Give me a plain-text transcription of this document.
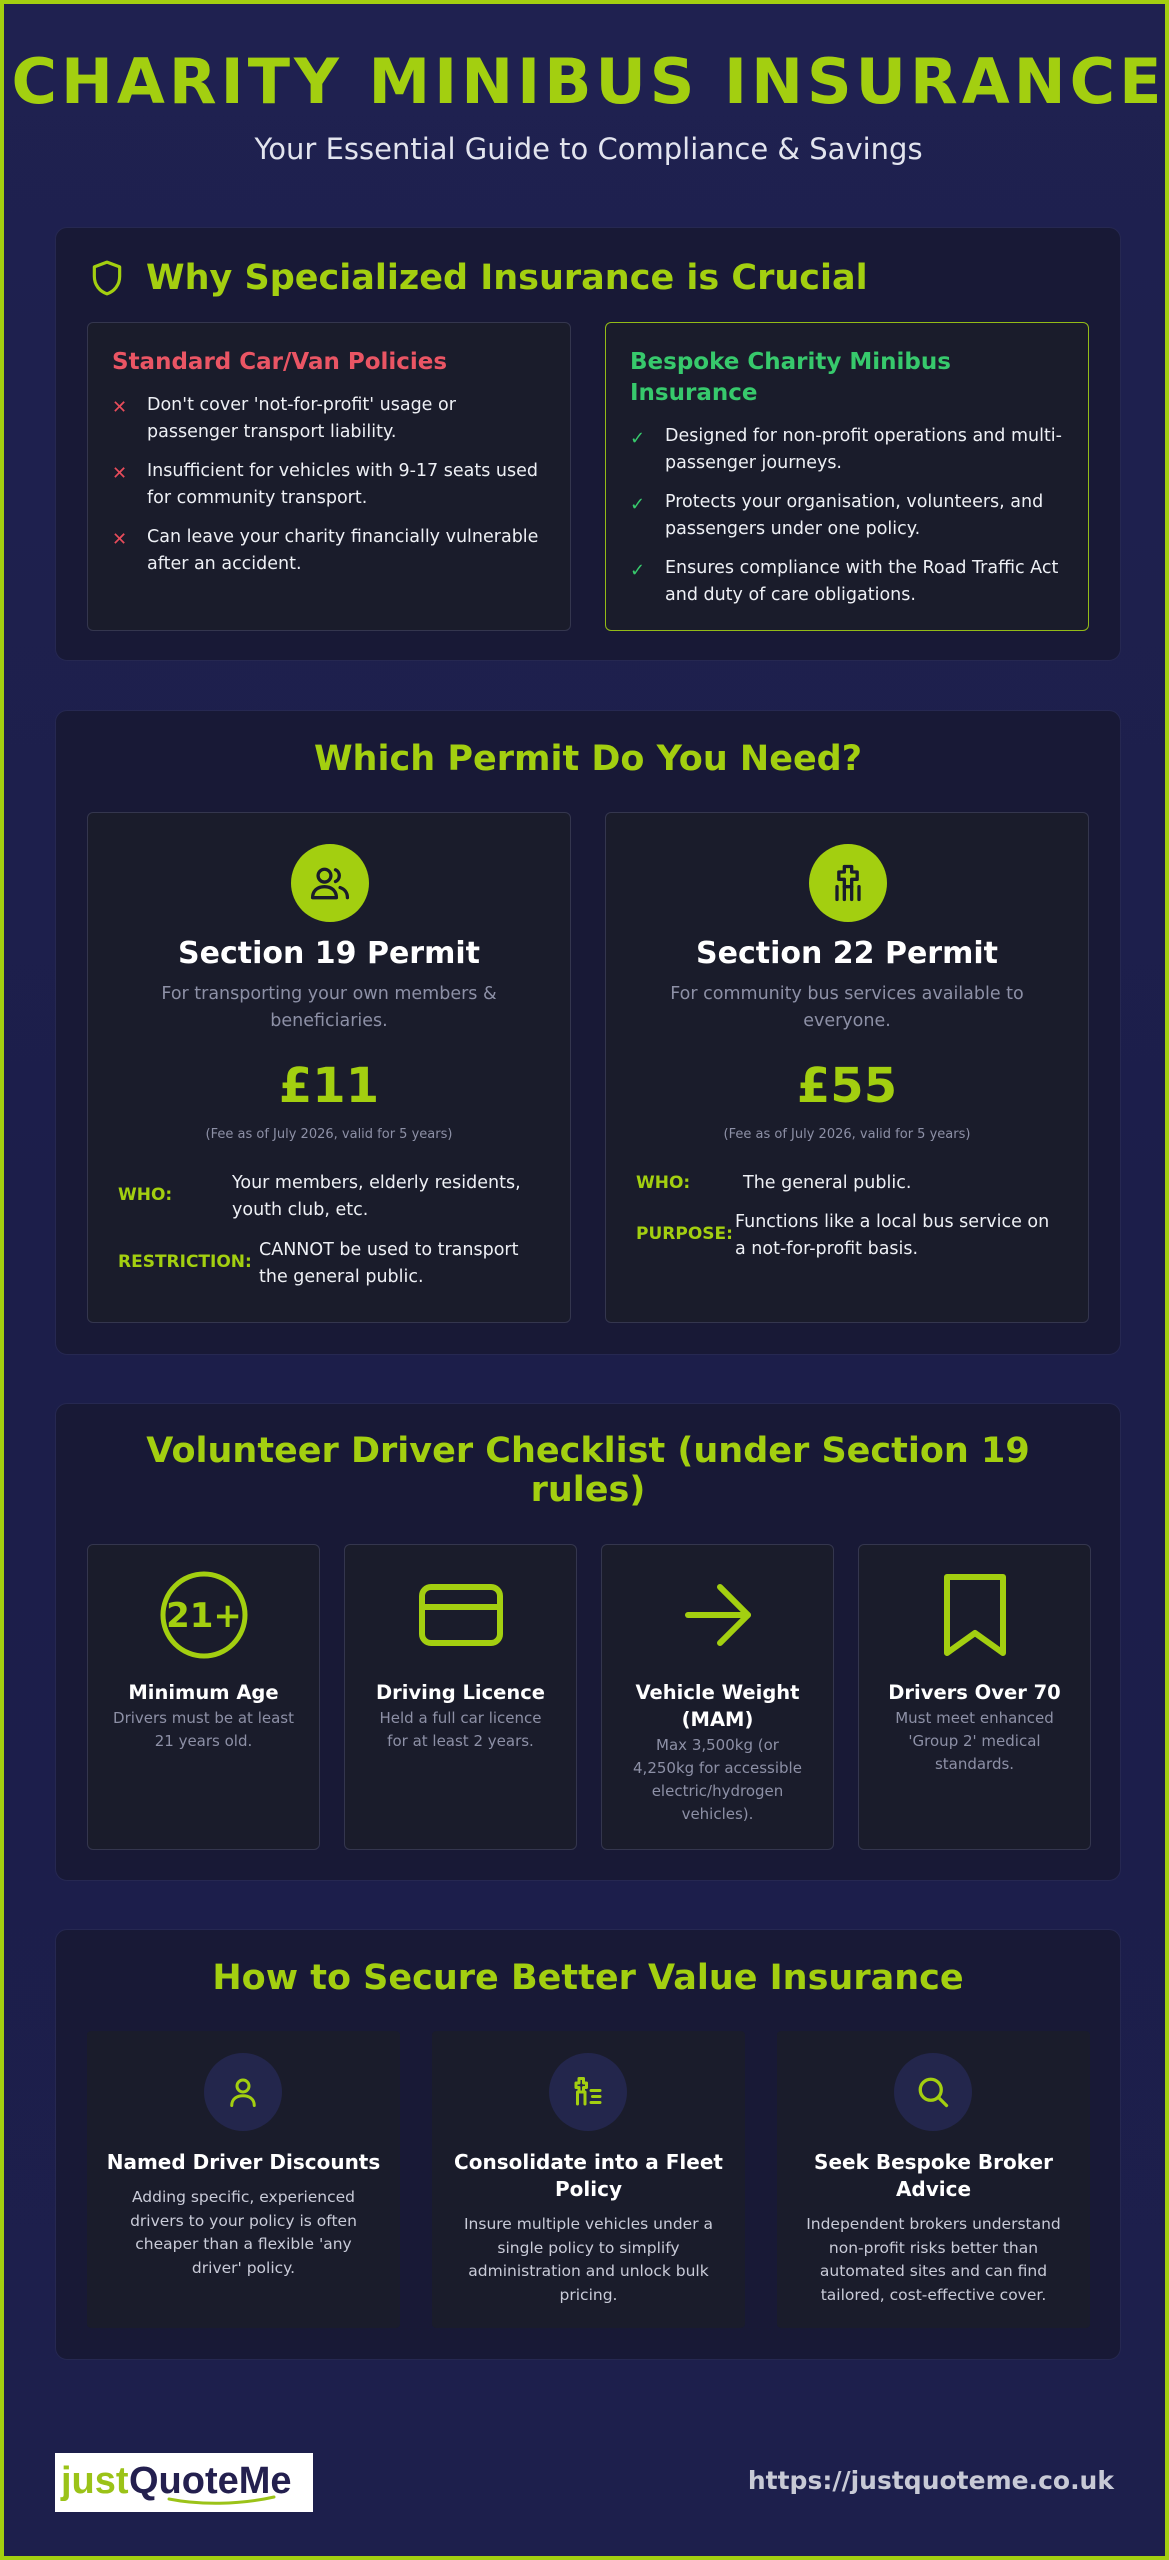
CHARITY MINIBUS INSURANCE
Your Essential Guide to Compliance & Savings
Why Specialized Insurance is Crucial
Standard Car/Van Policies
✕	Don't cover 'not-for-profit' usage or passenger transport liability.
✕	Insufficient for vehicles with 9-17 seats used for community transport.
✕	Can leave your charity financially vulnerable after an accident.
Bespoke Charity Minibus Insurance
✓	Designed for non-profit operations and multi-passenger journeys.
✓	Protects your organisation, volunteers, and passengers under one policy.
✓	Ensures compliance with the Road Traffic Act and duty of care obligations.
Which Permit Do You Need?
Section 19 Permit
For transporting your own members & beneficiaries.
£11
(Fee as of July 2026, valid for 5 years)
WHO:
Your members, elderly residents, youth club, etc.
RESTRICTION:
CANNOT be used to transport the general public.
Section 22 Permit
For community bus services available to everyone.
£55
(Fee as of July 2026, valid for 5 years)
WHO:	The general public.
PURPOSE:
Functions like a local bus service on a not-for-profit basis.
Volunteer Driver Checklist (under Section 19 rules)
21+
Minimum Age

Drivers must be at least 21 years old.

Driving Licence

Held a full car licence for at least 2 years.

Vehicle Weight (MAM)

Max 3,500kg (or 4,250kg for accessible electric/hydrogen vehicles).

Drivers Over 70

Must meet enhanced 'Group 2' medical standards.

How to Secure Better Value Insurance
Named Driver Discounts

Adding specific, experienced drivers to your policy is often cheaper than a flexible 'any driver' policy.

Consolidate into a Fleet Policy

Insure multiple vehicles under a single policy to simplify administration and unlock bulk pricing.

Seek Bespoke Broker Advice

Independent brokers understand non-profit risks better than automated sites and can find tailored, cost-effective cover.

just QuoteMe	https://justquoteme.co.uk
